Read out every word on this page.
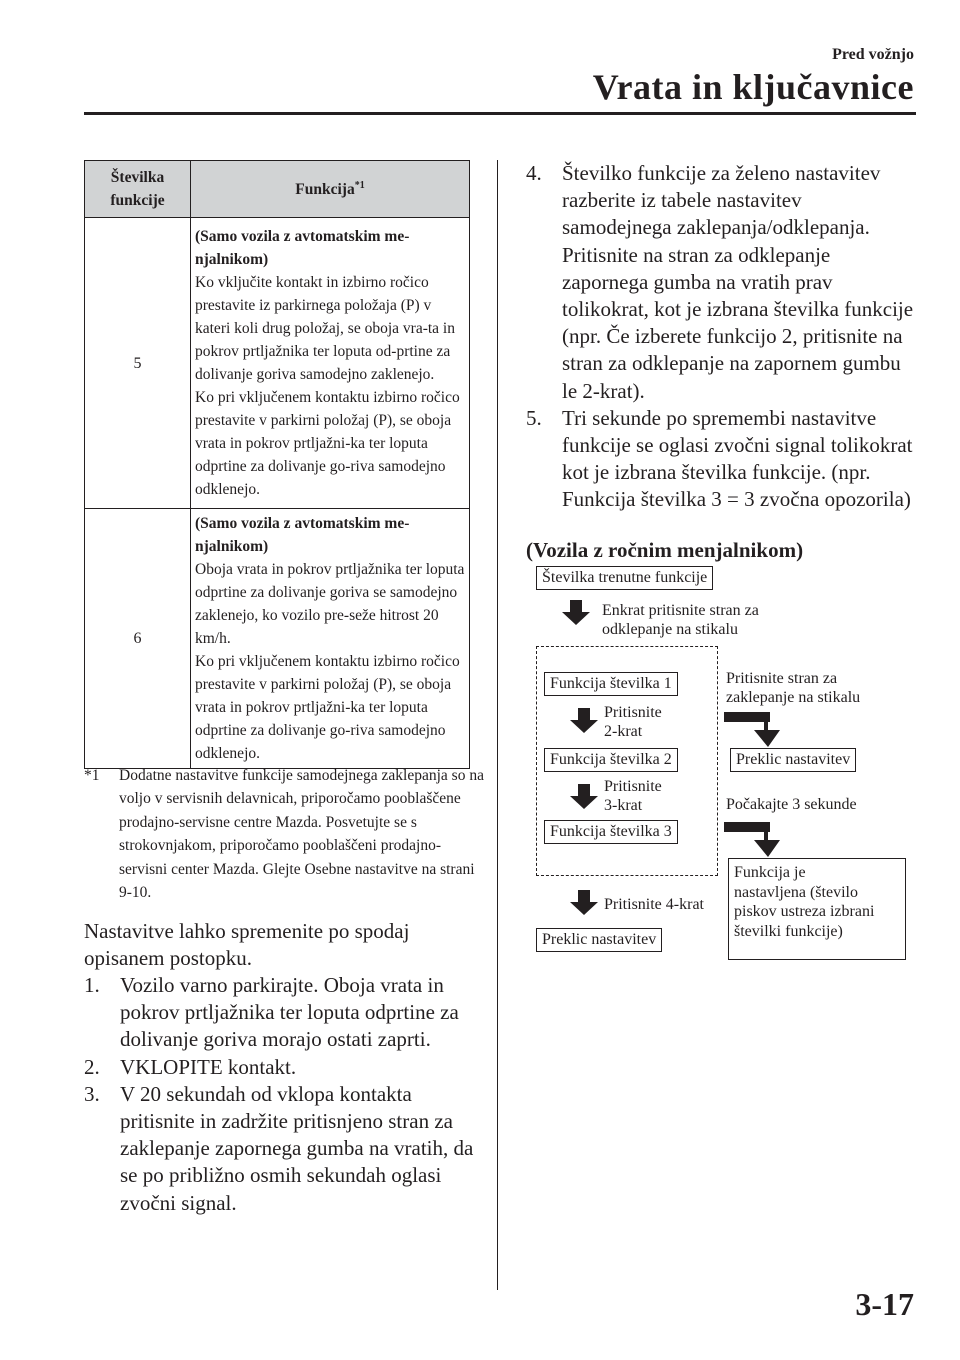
Pred vožnjo
Vrata in ključavnice
Številka funkcije	Funkcija$^{*1}$
5	(Samo vozila z avtomatskim me-njalnikom)
Ko vključite kontakt in izbirno ročico prestavite iz parkirnega položaja (P) v kateri koli drug položaj, se oboja vra-ta in pokrov prtljažnika ter loputa od-prtine za dolivanje goriva samodejno zaklenejo.
Ko pri vključenem kontaktu izbirno ročico prestavite v parkirni položaj (P), se oboja vrata in pokrov prtljažni-ka ter loputa odprtine za dolivanje go-riva samodejno odklenejo.
6	(Samo vozila z avtomatskim me-njalnikom)
Oboja vrata in pokrov prtljažnika ter loputa odprtine za dolivanje goriva se samodejno zaklenejo, ko vozilo pre-seže hitrost 20 km/h.
Ko pri vključenem kontaktu izbirno ročico prestavite v parkirni položaj (P), se oboja vrata in pokrov prtljažni-ka ter loputa odprtine za dolivanje go-riva samodejno odklenejo.
*1 Dodatne nastavitve funkcije samodejnega zaklepanja so na voljo v servisnih delavnicah, priporočamo pooblaščene prodajno-servisne centre Mazda. Posvetujte se s strokovnjakom, priporočamo pooblaščeni prodajno-servisni center Mazda. Glejte Osebne nastavitve na strani 9-10.
Nastavitve lahko spremenite po spodaj opisanem postopku.
1. Vozilo varno parkirajte. Oboja vrata in pokrov prtljažnika ter loputa odprtine za dolivanje goriva morajo ostati zaprti.
2. VKLOPITE kontakt.
3. V 20 sekundah od vklopa kontakta pritisnite in zadržite pritisnjeno stran za zaklepanje zapornega gumba na vratih, da se po približno osmih sekundah oglasi zvočni signal.
4. Številko funkcije za želeno nastavitev razberite iz tabele nastavitev samodejnega zaklepanja/odklepanja. Pritisnite na stran za odklepanje zapornega gumba na vratih prav tolikokrat, kot je izbrana številka funkcije (npr. Če izberete funkcijo 2, pritisnite na stran za odklepanje na zapornem gumbu le 2-krat).
5. Tri sekunde po spremembi nastavitve funkcije se oglasi zvočni signal tolikokrat kot je izbrana številka funkcije. (npr. Funkcija številka 3 = 3 zvočna opozorila)
(Vozila z ročnim menjalnikom)
Številka trenutne funkcije
Enkrat pritisnite stran za
odklepanje na stikalu
Funkcija številka 1
Pritisnite
2-krat
Funkcija številka 2
Pritisnite
3-krat
Funkcija številka 3
Pritisnite 4-krat
Preklic nastavitev
Pritisnite stran za
zaklepanje na stikalu
Preklic nastavitev
Počakajte 3 sekunde
Funkcija je
nastavljena (število
piskov ustreza izbrani
številki funkcije)
3-17
